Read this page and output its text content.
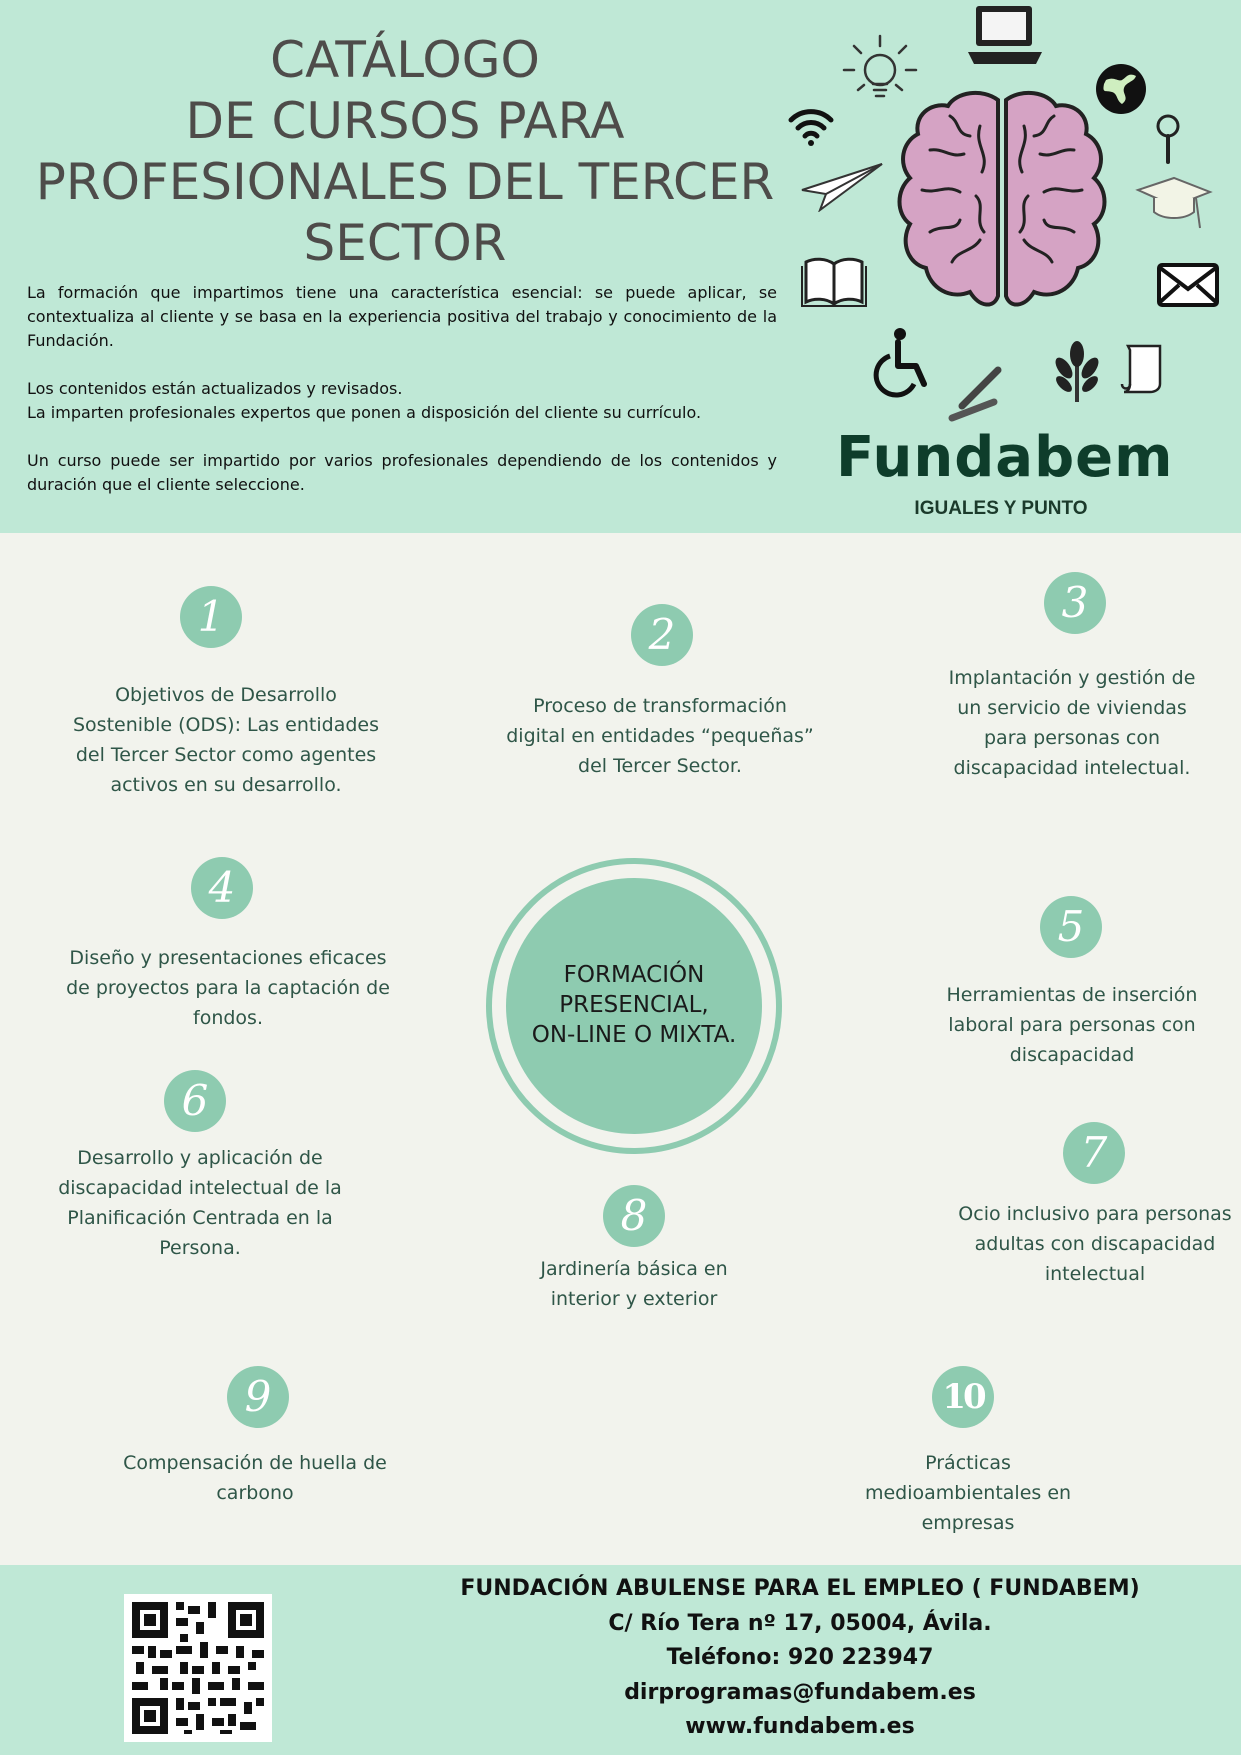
CATÁLOGO
DE CURSOS PARA
PROFESIONALES DEL TERCER
SECTOR

La formación que impartimos tiene una característica esencial: se puede aplicar, se contextualiza al cliente y se basa en la experiencia positiva del trabajo y conocimiento de la Fundación.

Los contenidos están actualizados y revisados.

La imparten profesionales expertos que ponen a disposición del cliente su currículo.

Un curso puede ser impartido por varios profesionales dependiendo de los contenidos y duración que el cliente seleccione.	Fundabem
IGUALES Y PUNTO
1
Objetivos de Desarrollo Sostenible (ODS): Las entidades del Tercer Sector como agentes activos en su desarrollo.
2
Proceso de transformación digital en entidades “pequeñas” del Tercer Sector.
3
Implantación y gestión de un servicio de viviendas para personas con discapacidad intelectual.
4
Diseño y presentaciones eficaces de proyectos para la captación de fondos.
5
Herramientas de inserción laboral para personas con discapacidad
6
Desarrollo y aplicación de discapacidad intelectual de la Planificación Centrada en la Persona.
7
Ocio inclusivo para personas adultas con discapacidad intelectual
8
Jardinería básica en interior y exterior
9
Compensación de huella de carbono
10
Prácticas medioambientales en empresas
FORMACIÓN
PRESENCIAL,
ON-LINE O MIXTA.
FUNDACIÓN ABULENSE PARA EL EMPLEO ( FUNDABEM)
C/ Río Tera nº 17, 05004, Ávila.
Teléfono: 920 223947
dirprogramas@fundabem.es
www.fundabem.es
